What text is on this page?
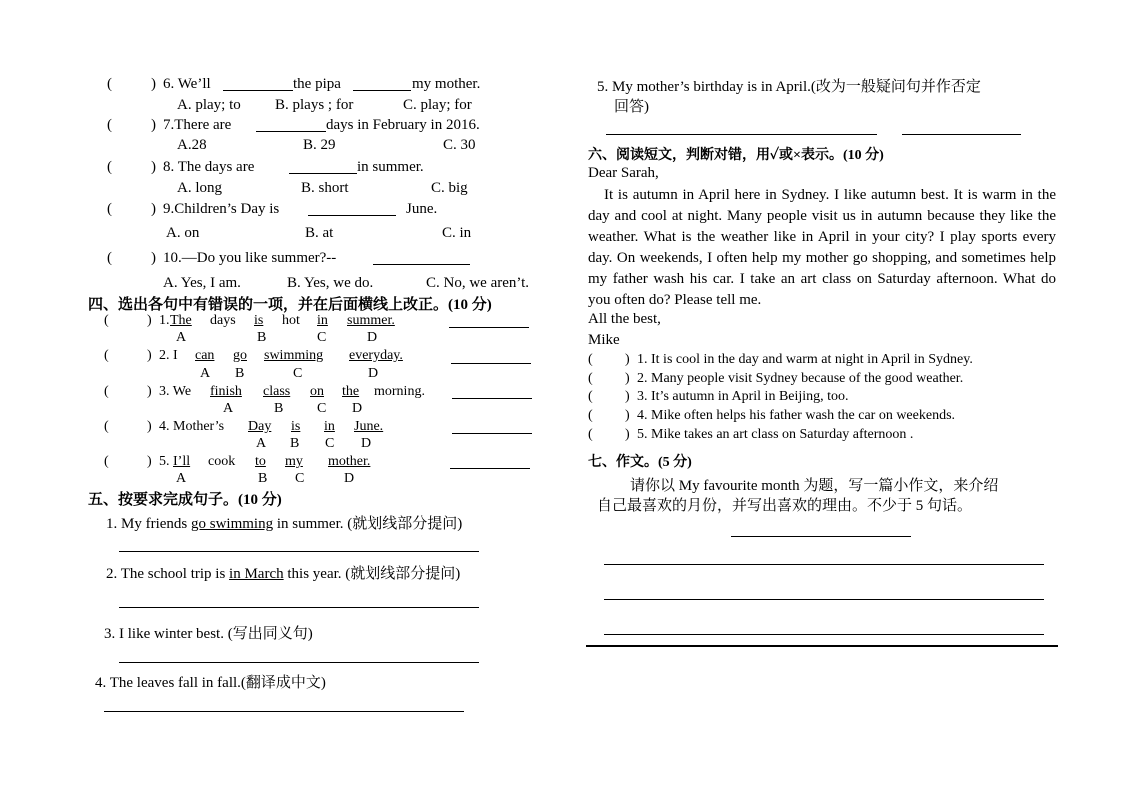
(	) 6. We’ll	the pipa	my mother.
A. play; to B. plays ; for	C. play; for
(	) 7.There are	days in February in 2016.
A.28	B. 29	C. 30
(	) 8. The days are	in summer.
A. long	B. short	C. big
(	) 9.Children’s Day is	June.
A. on	B. at	C. in
(	) 10.—Do you like summer?--
A. Yes, I am.	B. Yes, we do.	C. No, we aren’t.
四、选出各句中有错误的一项，并在后面横线上改正。(10 分)
(	) 1. The days is hot in summer.
A	B	C	D
(	) 2. I can go swimming everyday.
A B	C	D
(	) 3. We finish class on the morning.
A	B C D
(	) 4. Mother’s Day is in June.
A B C D
(	) 5. I’ll cook to my mother.
A	B C	D
五、按要求完成句子。(10 分)
1. My friends go swimming in summer. (就划线部分提问)
2. The school trip is in March this year. (就划线部分提问)
3. I like winter best. (写出同义句)
4. The leaves fall in fall.(翻译成中文)
5. My mother’s birthday is in April.(改为一般疑问句并作否定
回答)
六、阅读短文，判断对错，用✓或×表示。(10 分)
Dear Sarah,
It is autumn in April here in Sydney. I like autumn best. It is warm in the day and cool at night. Many people visit us in autumn because they like the weather. What is the weather like in April in your city? I play sports every day. On weekends, I often help my mother go shopping, and sometimes help my father wash his car. I take an art class on Saturday afternoon. What do you often do? Please tell me.
All the best,
Mike
( ) 1. It is cool in the day and warm at night in April in Sydney.
( ) 2. Many people visit Sydney because of the good weather.
( ) 3. It’s autumn in April in Beijing, too.
( ) 4. Mike often helps his father wash the car on weekends.
( ) 5. Mike takes an art class on Saturday afternoon .
七、作文。(5 分)
请你以 My favourite month 为题，写一篇小作文，来介绍
自己最喜欢的月份，并写出喜欢的理由。不少于 5 句话。
